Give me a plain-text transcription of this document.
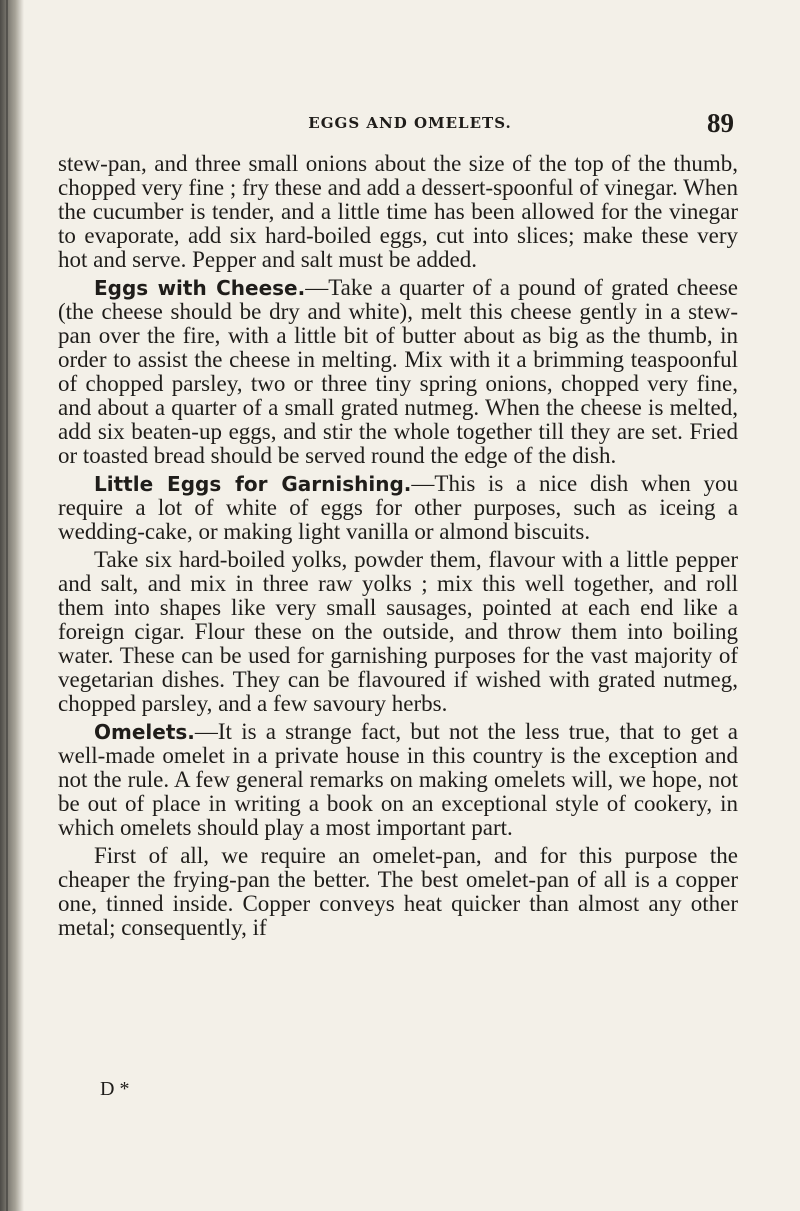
EGGS AND OMELETS.	89

stew-pan, and three small onions about the size of the top of the thumb, chopped very fine ; fry these and add a dessert-spoonful of vinegar. When the cucumber is tender, and a little time has been allowed for the vinegar to evaporate, add six hard-boiled eggs, cut into slices; make these very hot and serve. Pepper and salt must be added.

Eggs with Cheese.—Take a quarter of a pound of grated cheese (the cheese should be dry and white), melt this cheese gently in a stew-pan over the fire, with a little bit of butter about as big as the thumb, in order to assist the cheese in melting. Mix with it a brimming teaspoonful of chopped parsley, two or three tiny spring onions, chopped very fine, and about a quarter of a small grated nutmeg. When the cheese is melted, add six beaten-up eggs, and stir the whole together till they are set. Fried or toasted bread should be served round the edge of the dish.

Little Eggs for Garnishing.—This is a nice dish when you require a lot of white of eggs for other purposes, such as iceing a wedding-cake, or making light vanilla or almond biscuits.

Take six hard-boiled yolks, powder them, flavour with a little pepper and salt, and mix in three raw yolks ; mix this well together, and roll them into shapes like very small sausages, pointed at each end like a foreign cigar. Flour these on the outside, and throw them into boiling water. These can be used for garnishing purposes for the vast majority of vegetarian dishes. They can be flavoured if wished with grated nutmeg, chopped parsley, and a few savoury herbs.

Omelets.—It is a strange fact, but not the less true, that to get a well-made omelet in a private house in this country is the exception and not the rule. A few general remarks on making omelets will, we hope, not be out of place in writing a book on an exceptional style of cookery, in which omelets should play a most important part.

First of all, we require an omelet-pan, and for this purpose the cheaper the frying-pan the better. The best omelet-pan of all is a copper one, tinned inside. Copper conveys heat quicker than almost any other metal; consequently, if

D *
